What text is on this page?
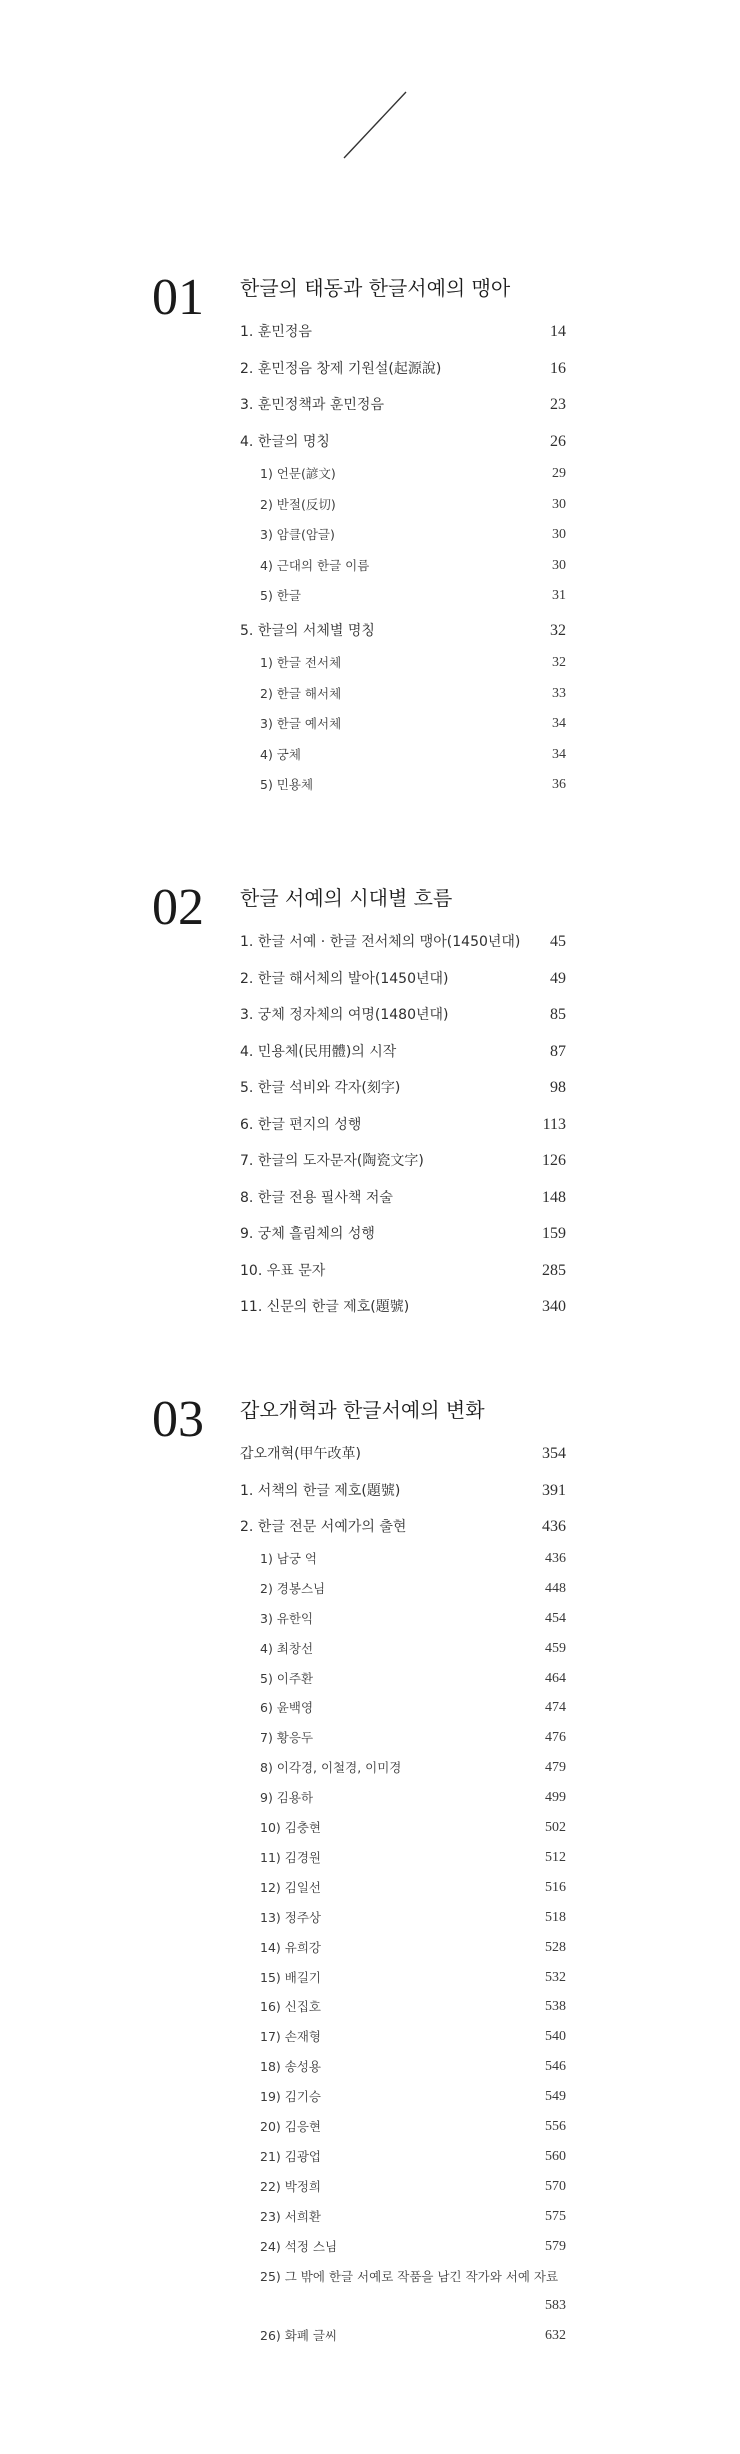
01 한글의 태동과 한글서예의 맹아
1. 훈민정음	14
2. 훈민정음 창제 기원설(起源說)	16
3. 훈민정책과 훈민정음	23
4. 한글의 명칭	26
1) 언문(諺文)	29
2) 반절(反切)	30
3) 암클(암글)	30
4) 근대의 한글 이름	30
5) 한글	31
5. 한글의 서체별 명칭	32
1) 한글 전서체	32
2) 한글 해서체	33
3) 한글 예서체	34
4) 궁체	34
5) 민용체	36
02 한글 서예의 시대별 흐름
1. 한글 서예 · 한글 전서체의 맹아(1450년대) 45
2. 한글 해서체의 발아(1450년대)	49
3. 궁체 정자체의 여명(1480년대)	85
4. 민용체(民用體)의 시작	87
5. 한글 석비와 각자(刻字)	98
6. 한글 편지의 성행	113
7. 한글의 도자문자(陶瓷文字)	126
8. 한글 전용 필사책 저술	148
9. 궁체 흘림체의 성행	159
10. 우표 문자	285
11. 신문의 한글 제호(題號)	340
03 갑오개혁과 한글서예의 변화
갑오개혁(甲午改革)	354
1. 서책의 한글 제호(題號)	391
2. 한글 전문 서예가의 출현	436
1) 남궁 억	436
2) 경봉스님	448
3) 유한익	454
4) 최창선	459
5) 이주환	464
6) 윤백영	474
7) 황응두	476
8) 이각경, 이철경, 이미경	479
9) 김용하	499
10) 김충현	502
11) 김경원	512
12) 김일선	516
13) 정주상	518
14) 유희강	528
15) 배길기	532
16) 신집호	538
17) 손재형	540
18) 송성용	546
19) 김기승	549
20) 김응현	556
21) 김광업	560
22) 박정희	570
23) 서희환	575
24) 석정 스님	579
25) 그 밖에 한글 서예로 작품을 남긴 작가와 서예 자료
583
26) 화폐 글씨	632
